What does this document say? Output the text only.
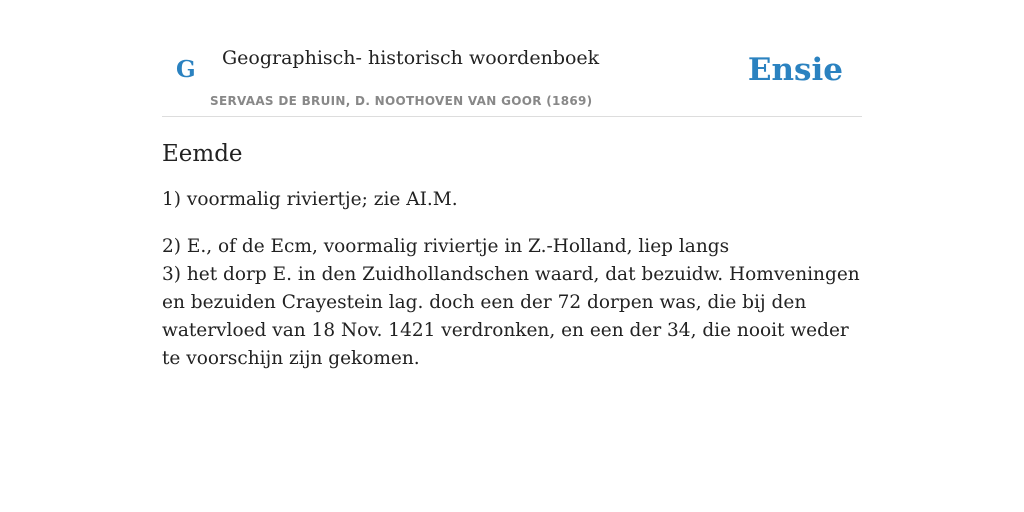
G Geographisch- historisch woordenboek
SERVAAS DE BRUIN, D. NOOTHOVEN VAN GOOR (1869)
Ensie
Eemde

1) voormalig riviertje; zie AI.M.

2) E., of de Ecm, voormalig riviertje in Z.-Holland, liep langs

3) het dorp E. in den Zuidhollandschen waard, dat bezuidw. Homveningen en bezuiden Crayestein lag. doch een der 72 dorpen was, die bij den watervloed van 18 Nov. 1421 verdronken, en een der 34, die nooit weder te voorschijn zijn gekomen.
